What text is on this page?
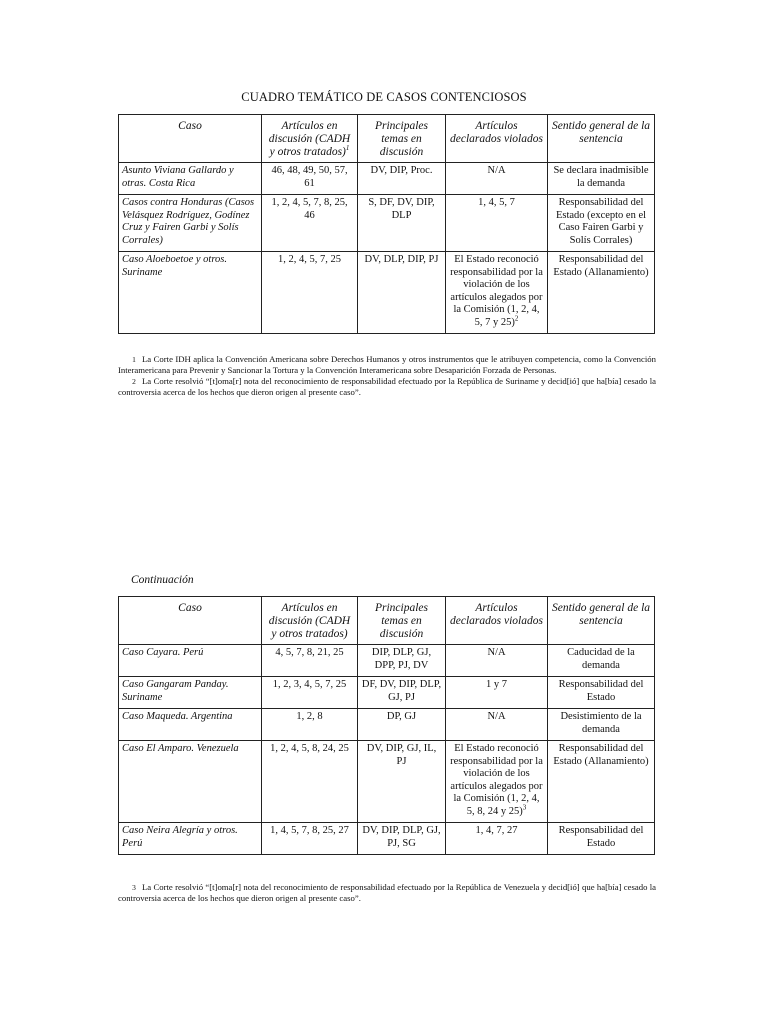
CUADRO TEMÁTICO DE CASOS CONTENCIOSOS
Caso	Artículos en discusión (CADH y otros tratados)$^1$	Principales temas en discusión	Artículos declarados violados	Sentido general de la sentencia
Asunto Viviana Gallardo y otras. Costa Rica	46, 48, 49, 50, 57, 61	DV, DIP, Proc.	N/A	Se declara inadmisible la demanda
Casos contra Honduras (Casos Velásquez Rodríguez, Godínez Cruz y Fairen Garbi y Solís Corrales)	1, 2, 4, 5, 7, 8, 25, 46	S, DF, DV, DIP, DLP	1, 4, 5, 7	Responsabilidad del Estado (excepto en el Caso Fairen Garbi y Solís Corrales)
Caso Aloeboetoe y otros. Suriname	1, 2, 4, 5, 7, 25	DV, DLP, DIP, PJ	El Estado reconoció responsabilidad por la violación de los artículos alegados por la Comisión (1, 2, 4, 5, 7 y 25)$^2$	Responsabilidad del Estado (Allanamiento)
1 La Corte IDH aplica la Convención Americana sobre Derechos Humanos y otros instrumentos que le atribuyen competencia, como la Convención Interamericana para Prevenir y Sancionar la Tortura y la Convención Interamericana sobre Desaparición Forzada de Personas.
2 La Corte resolvió “[t]oma[r] nota del reconocimiento de responsabilidad efectuado por la República de Suriname y decid[ió] que ha[bía] cesado la controversia acerca de los hechos que dieron origen al presente caso”.
Continuación
Caso	Artículos en discusión (CADH y otros tratados)	Principales temas en discusión	Artículos declarados violados	Sentido general de la sentencia
Caso Cayara. Perú	4, 5, 7, 8, 21, 25	DIP, DLP, GJ, DPP, PJ, DV	N/A	Caducidad de la demanda
Caso Gangaram Panday. Suriname	1, 2, 3, 4, 5, 7, 25	DF, DV, DIP, DLP, GJ, PJ	1 y 7	Responsabilidad del Estado
Caso Maqueda. Argentina	1, 2, 8	DP, GJ	N/A	Desistimiento de la demanda
Caso El Amparo. Venezuela	1, 2, 4, 5, 8, 24, 25	DV, DIP, GJ, IL, PJ	El Estado reconoció responsabilidad por la violación de los artículos alegados por la Comisión (1, 2, 4, 5, 8, 24 y 25)$^3$	Responsabilidad del Estado (Allanamiento)
Caso Neira Alegría y otros. Perú	1, 4, 5, 7, 8, 25, 27	DV, DIP, DLP, GJ, PJ, SG	1, 4, 7, 27	Responsabilidad del Estado
3 La Corte resolvió “[t]oma[r] nota del reconocimiento de responsabilidad efectuado por la República de Venezuela y decid[ió] que ha[bía] cesado la controversia acerca de los hechos que dieron origen al presente caso”.
